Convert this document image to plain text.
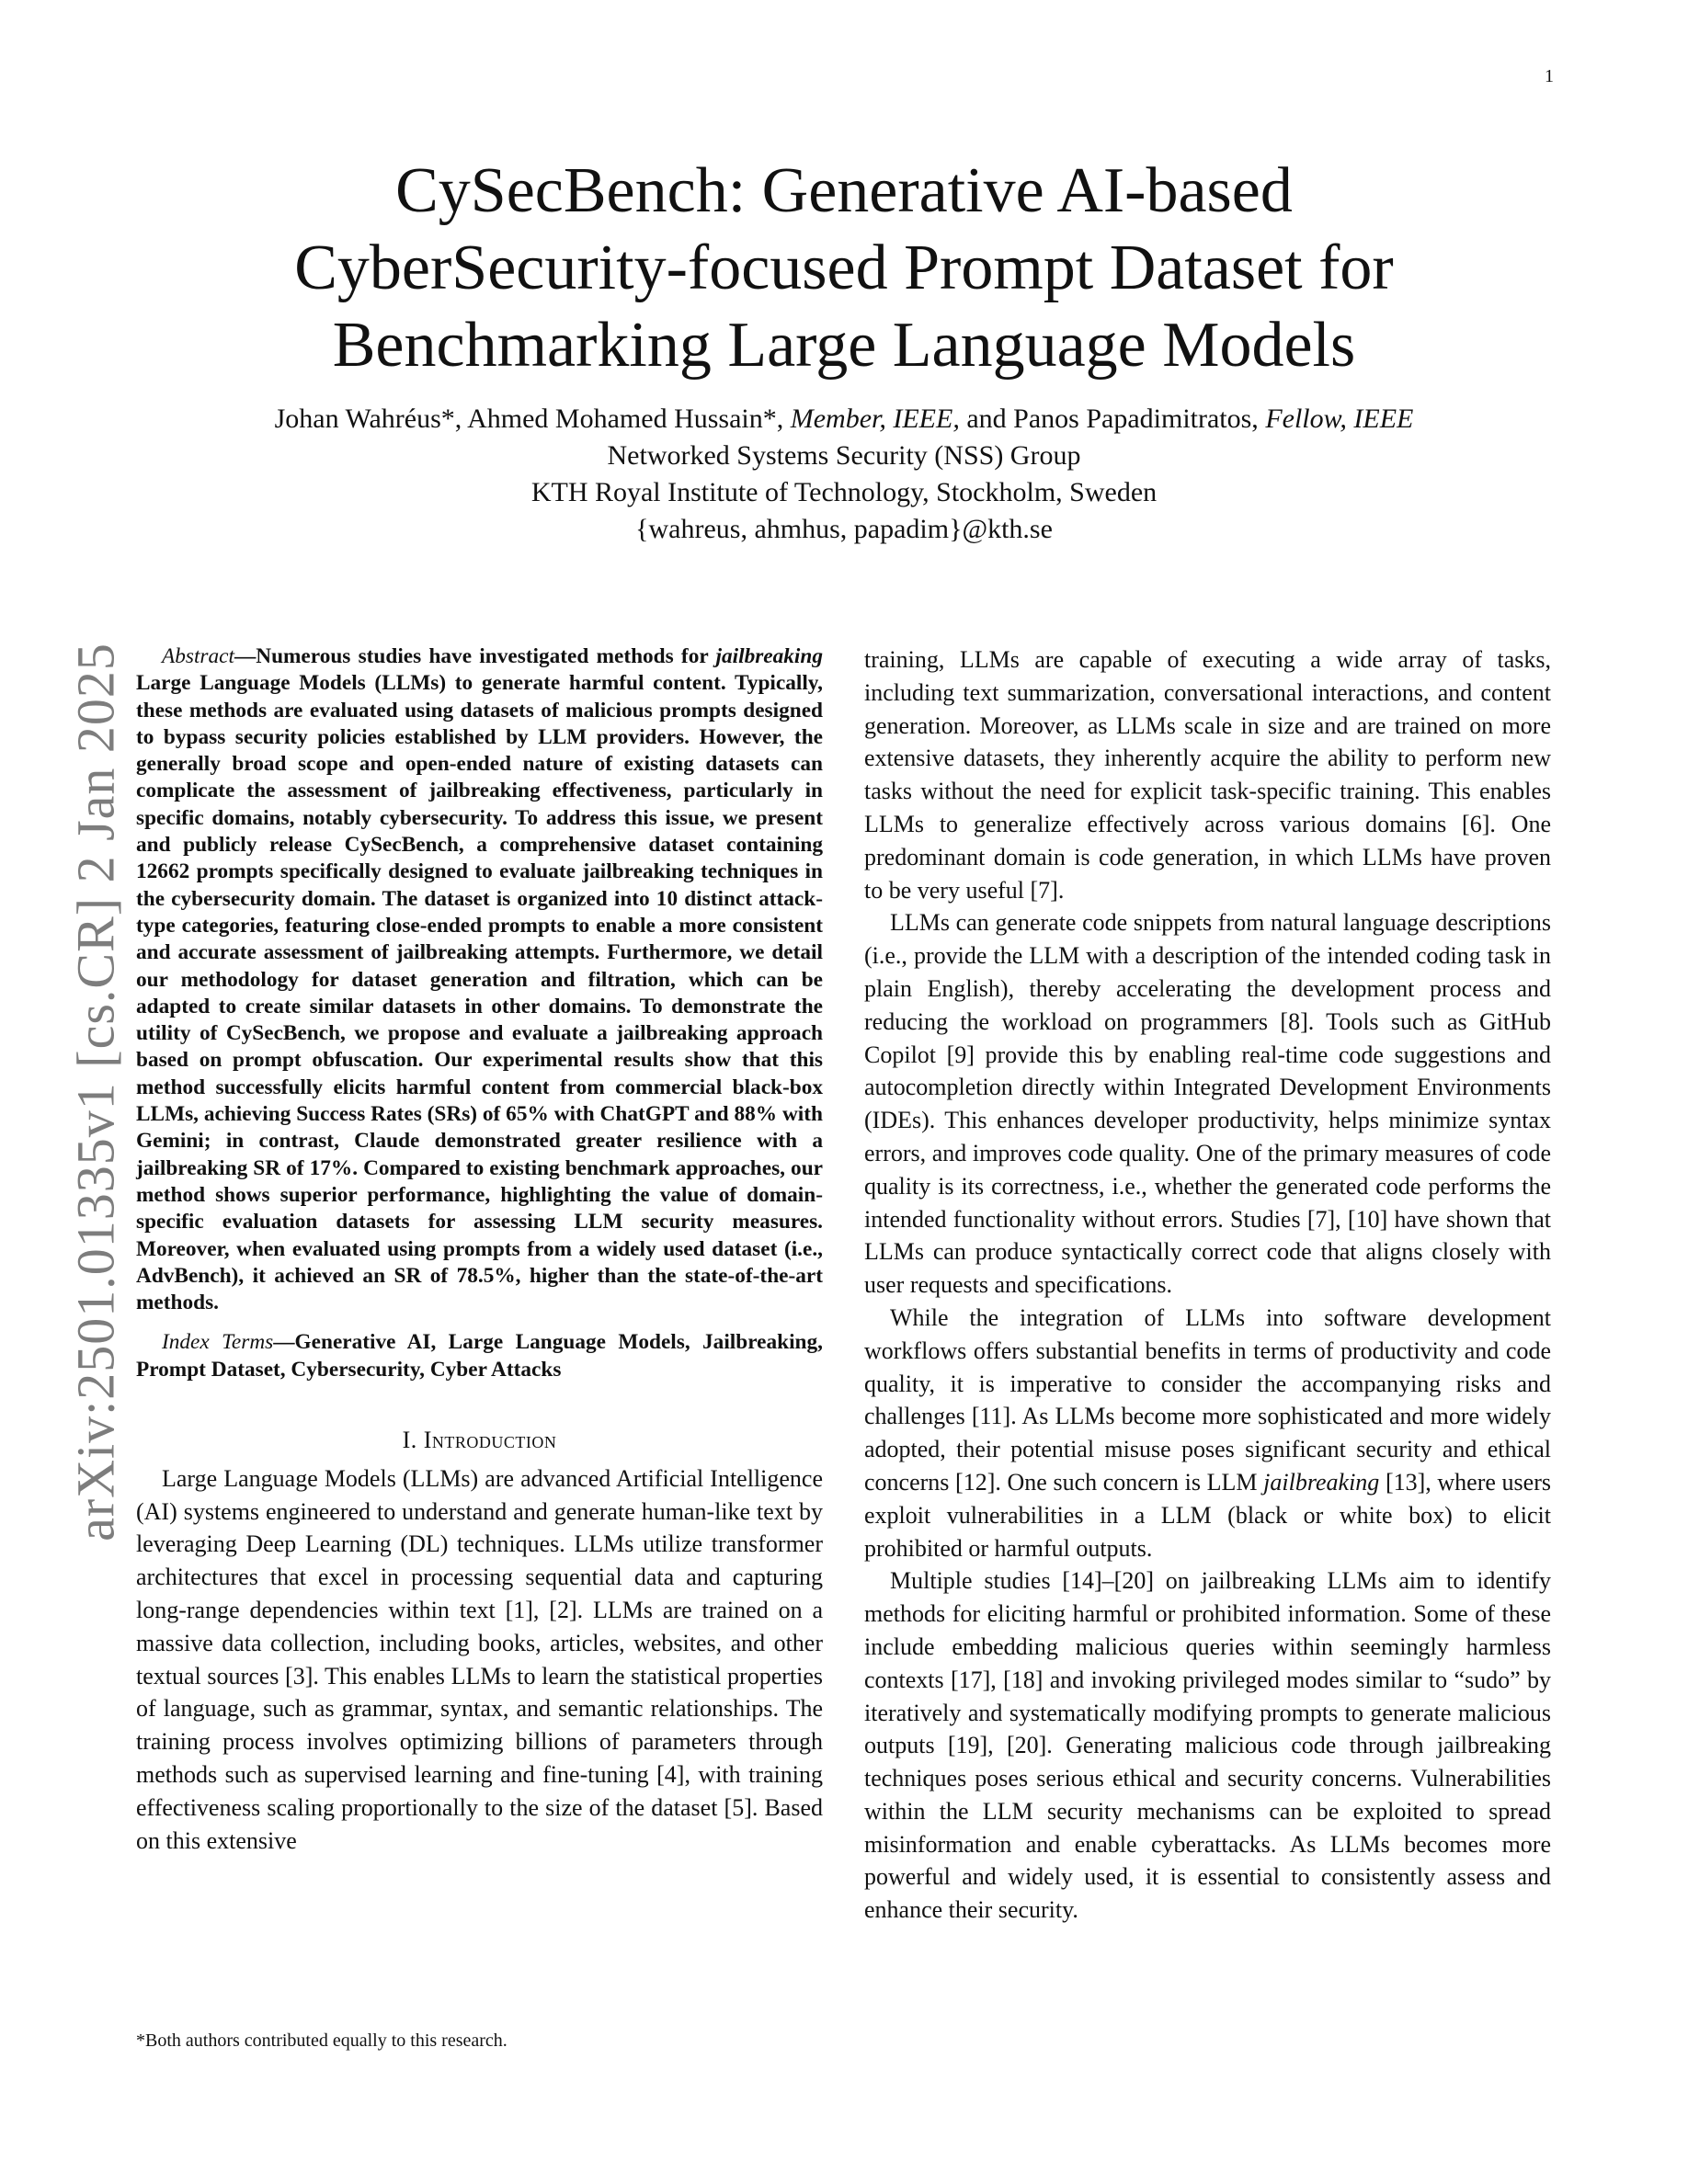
1
arXiv:2501.01335v1 [cs.CR] 2 Jan 2025
CySecBench: Generative AI-based
CyberSecurity-focused Prompt Dataset for
Benchmarking Large Language Models
Johan Wahréus*, Ahmed Mohamed Hussain*, Member, IEEE, and Panos Papadimitratos, Fellow, IEEE
Networked Systems Security (NSS) Group
KTH Royal Institute of Technology, Stockholm, Sweden
{wahreus, ahmhus, papadim}@kth.se

Abstract—Numerous studies have investigated methods for jailbreaking Large Language Models (LLMs) to generate harmful content. Typically, these methods are evaluated using datasets of malicious prompts designed to bypass security policies established by LLM providers. However, the generally broad scope and open-ended nature of existing datasets can complicate the assessment of jailbreaking effectiveness, particularly in specific domains, notably cybersecurity. To address this issue, we present and publicly release CySecBench, a comprehensive dataset containing 12662 prompts specifically designed to evaluate jailbreaking techniques in the cybersecurity domain. The dataset is organized into 10 distinct attack-type categories, featuring close-ended prompts to enable a more consistent and accurate assessment of jailbreaking attempts. Furthermore, we detail our methodology for dataset generation and filtration, which can be adapted to create similar datasets in other domains. To demonstrate the utility of CySecBench, we propose and evaluate a jailbreaking approach based on prompt obfuscation. Our experimental results show that this method successfully elicits harmful content from commercial black-box LLMs, achieving Success Rates (SRs) of 65% with ChatGPT and 88% with Gemini; in contrast, Claude demonstrated greater resilience with a jailbreaking SR of 17%. Compared to existing benchmark approaches, our method shows superior performance, highlighting the value of domain-specific evaluation datasets for assessing LLM security measures. Moreover, when evaluated using prompts from a widely used dataset (i.e., AdvBench), it achieved an SR of 78.5%, higher than the state-of-the-art methods.

Index Terms—Generative AI, Large Language Models, Jailbreaking, Prompt Dataset, Cybersecurity, Cyber Attacks

I. Introduction

Large Language Models (LLMs) are advanced Artificial Intelligence (AI) systems engineered to understand and generate human-like text by leveraging Deep Learning (DL) techniques. LLMs utilize transformer architectures that excel in processing sequential data and capturing long-range dependencies within text [1], [2]. LLMs are trained on a massive data collection, including books, articles, websites, and other textual sources [3]. This enables LLMs to learn the statistical properties of language, such as grammar, syntax, and semantic relationships. The training process involves optimizing billions of parameters through methods such as supervised learning and fine-tuning [4], with training effectiveness scaling proportionally to the size of the dataset [5]. Based on this extensive

training, LLMs are capable of executing a wide array of tasks, including text summarization, conversational interactions, and content generation. Moreover, as LLMs scale in size and are trained on more extensive datasets, they inherently acquire the ability to perform new tasks without the need for explicit task-specific training. This enables LLMs to generalize effectively across various domains [6]. One predominant domain is code generation, in which LLMs have proven to be very useful [7].

LLMs can generate code snippets from natural language descriptions (i.e., provide the LLM with a description of the intended coding task in plain English), thereby accelerating the development process and reducing the workload on programmers [8]. Tools such as GitHub Copilot [9] provide this by enabling real-time code suggestions and autocompletion directly within Integrated Development Environments (IDEs). This enhances developer productivity, helps minimize syntax errors, and improves code quality. One of the primary measures of code quality is its correctness, i.e., whether the generated code performs the intended functionality without errors. Studies [7], [10] have shown that LLMs can produce syntactically correct code that aligns closely with user requests and specifications.

While the integration of LLMs into software development workflows offers substantial benefits in terms of productivity and code quality, it is imperative to consider the accompanying risks and challenges [11]. As LLMs become more sophisticated and more widely adopted, their potential misuse poses significant security and ethical concerns [12]. One such concern is LLM jailbreaking [13], where users exploit vulnerabilities in a LLM (black or white box) to elicit prohibited or harmful outputs.

Multiple studies [14]–[20] on jailbreaking LLMs aim to identify methods for eliciting harmful or prohibited information. Some of these include embedding malicious queries within seemingly harmless contexts [17], [18] and invoking privileged modes similar to “sudo” by iteratively and systematically modifying prompts to generate malicious outputs [19], [20]. Generating malicious code through jailbreaking techniques poses serious ethical and security concerns. Vulnerabilities within the LLM security mechanisms can be exploited to spread misinformation and enable cyberattacks. As LLMs becomes more powerful and widely used, it is essential to consistently assess and enhance their security.

*Both authors contributed equally to this research.
